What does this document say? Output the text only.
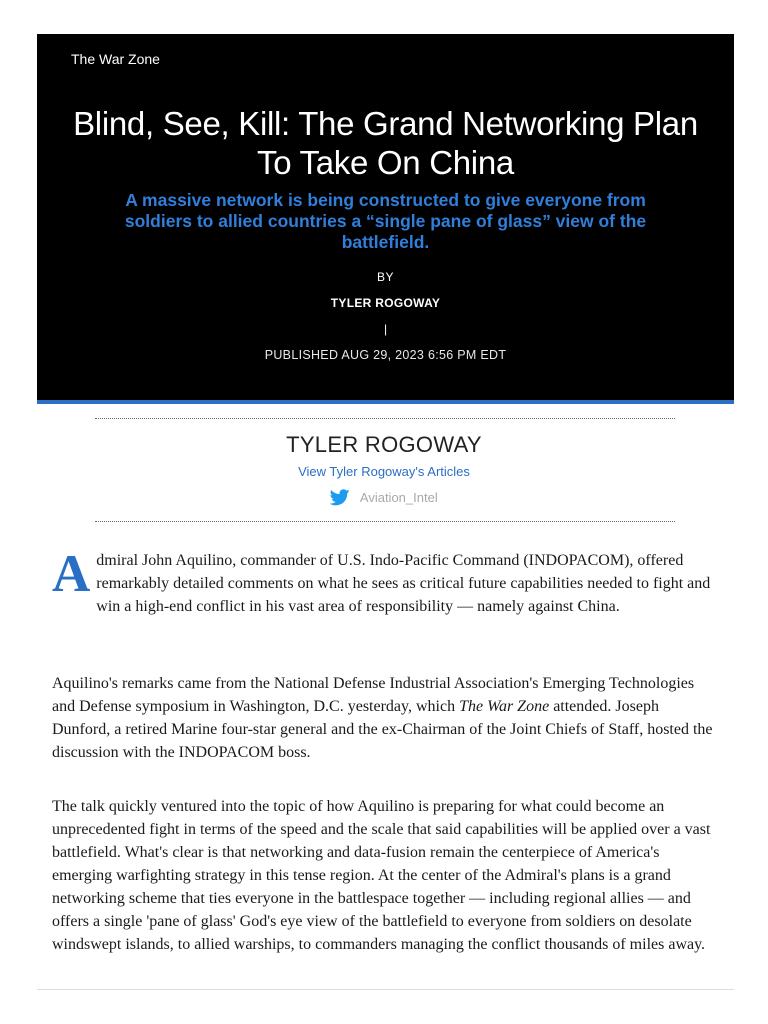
The War Zone
Blind, See, Kill: The Grand Networking Plan To Take On China

A massive network is being constructed to give everyone from soldiers to allied countries a “single pane of glass” view of the battlefield.

BY
TYLER ROGOWAY
|
PUBLISHED AUG 29, 2023 6:56 PM EDT
TYLER ROGOWAY
View Tyler Rogoway's Articles
Aviation_Intel

Admiral John Aquilino, commander of U.S. Indo-Pacific Command (INDOPACOM), offered remarkably detailed comments on what he sees as critical future capabilities needed to fight and win a high-end conflict in his vast area of responsibility — namely against China.

Aquilino's remarks came from the National Defense Industrial Association's Emerging Technologies and Defense symposium in Washington, D.C. yesterday, which The War Zone attended. Joseph Dunford, a retired Marine four-star general and the ex-Chairman of the Joint Chiefs of Staff, hosted the discussion with the INDOPACOM boss.

The talk quickly ventured into the topic of how Aquilino is preparing for what could become an unprecedented fight in terms of the speed and the scale that said capabilities will be applied over a vast battlefield. What's clear is that networking and data-fusion remain the centerpiece of America's emerging warfighting strategy in this tense region. At the center of the Admiral's plans is a grand networking scheme that ties everyone in the battlespace together — including regional allies — and offers a single 'pane of glass' God's eye view of the battlefield to everyone from soldiers on desolate windswept islands, to allied warships, to commanders managing the conflict thousands of miles away.
